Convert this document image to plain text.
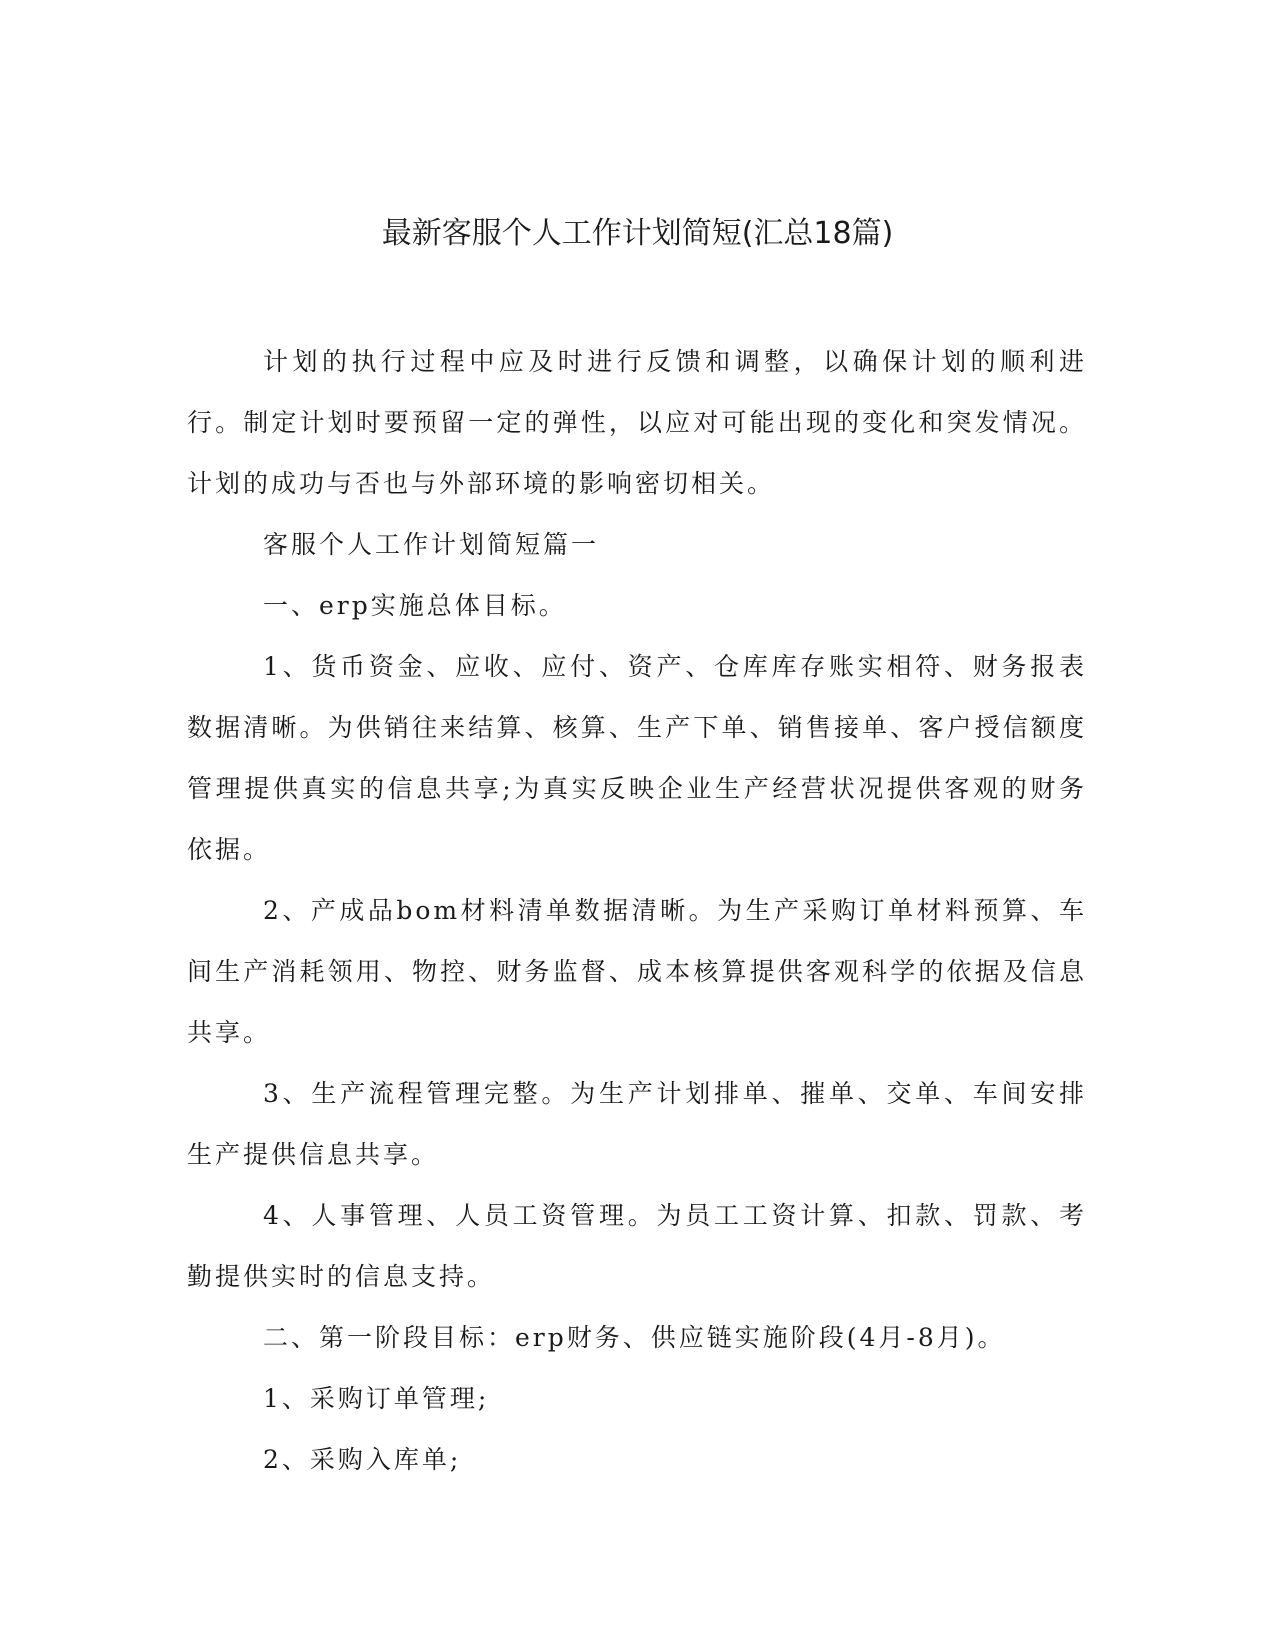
最新客服个人工作计划简短(汇总18篇)

计划的执行过程中应及时进行反馈和调整，以确保计划的顺利进行。制定计划时要预留一定的弹性，以应对可能出现的变化和突发情况。计划的成功与否也与外部环境的影响密切相关。

客服个人工作计划简短篇一

一、erp实施总体目标。

1、货币资金、应收、应付、资产、仓库库存账实相符、财务报表数据清晰。为供销往来结算、核算、生产下单、销售接单、客户授信额度管理提供真实的信息共享;为真实反映企业生产经营状况提供客观的财务依据。

2、产成品bom材料清单数据清晰。为生产采购订单材料预算、车间生产消耗领用、物控、财务监督、成本核算提供客观科学的依据及信息共享。

3、生产流程管理完整。为生产计划排单、摧单、交单、车间安排生产提供信息共享。

4、人事管理、人员工资管理。为员工工资计算、扣款、罚款、考勤提供实时的信息支持。

二、第一阶段目标：erp财务、供应链实施阶段(4月-8月)。

1、采购订单管理;

2、采购入库单;
